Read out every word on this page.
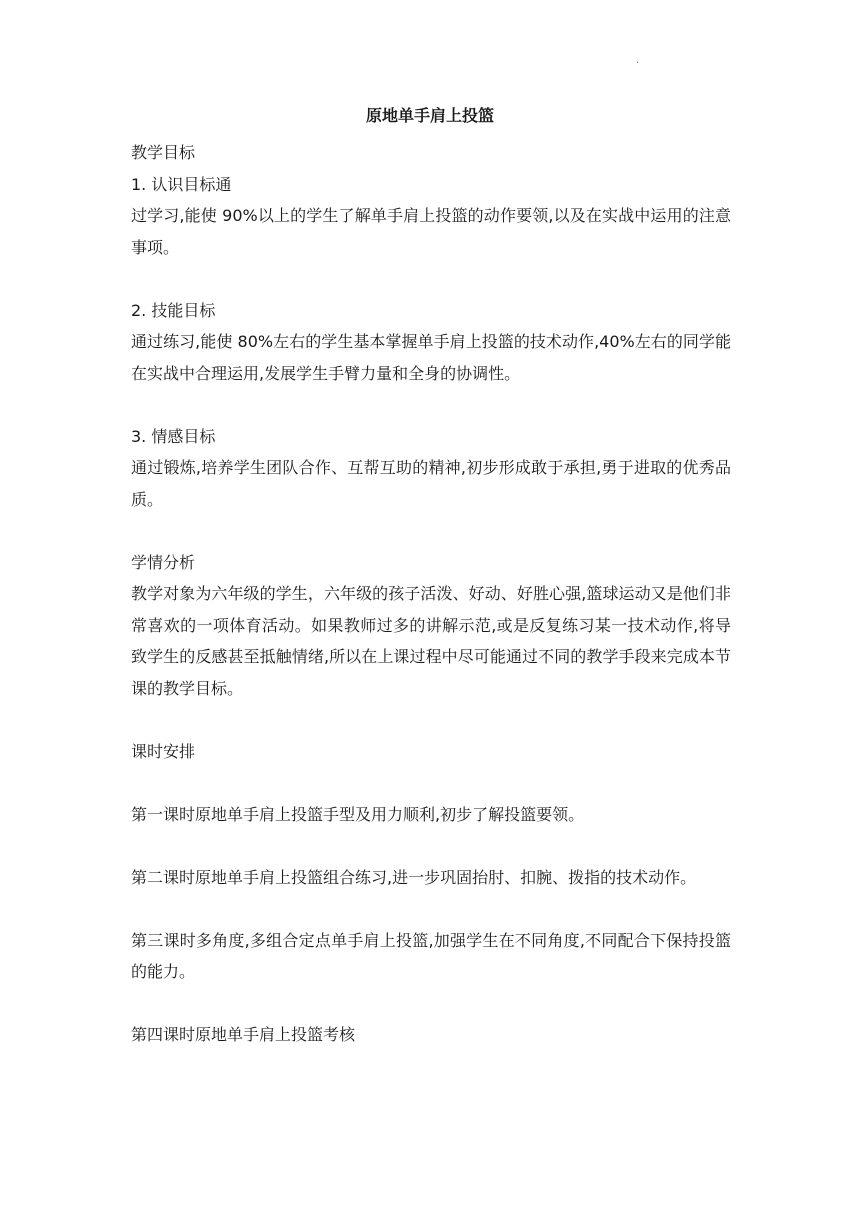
.
原地单手肩上投篮

教学目标

1. 认识目标通

过学习,能使 90%以上的学生了解单手肩上投篮的动作要领,以及在实战中运用的注意事项。

2. 技能目标

通过练习,能使 80%左右的学生基本掌握单手肩上投篮的技术动作,40%左右的同学能在实战中合理运用,发展学生手臂力量和全身的协调性。

3. 情感目标

通过锻炼,培养学生团队合作、互帮互助的精神,初步形成敢于承担,勇于进取的优秀品质。

学情分析

教学对象为六年级的学生，六年级的孩子活泼、好动、好胜心强,篮球运动又是他们非常喜欢的一项体育活动。如果教师过多的讲解示范,或是反复练习某一技术动作,将导致学生的反感甚至抵触情绪,所以在上课过程中尽可能通过不同的教学手段来完成本节课的教学目标。

课时安排

第一课时原地单手肩上投篮手型及用力顺利,初步了解投篮要领。

第二课时原地单手肩上投篮组合练习,进一步巩固抬肘、扣腕、拨指的技术动作。

第三课时多角度,多组合定点单手肩上投篮,加强学生在不同角度,不同配合下保持投篮的能力。

第四课时原地单手肩上投篮考核
